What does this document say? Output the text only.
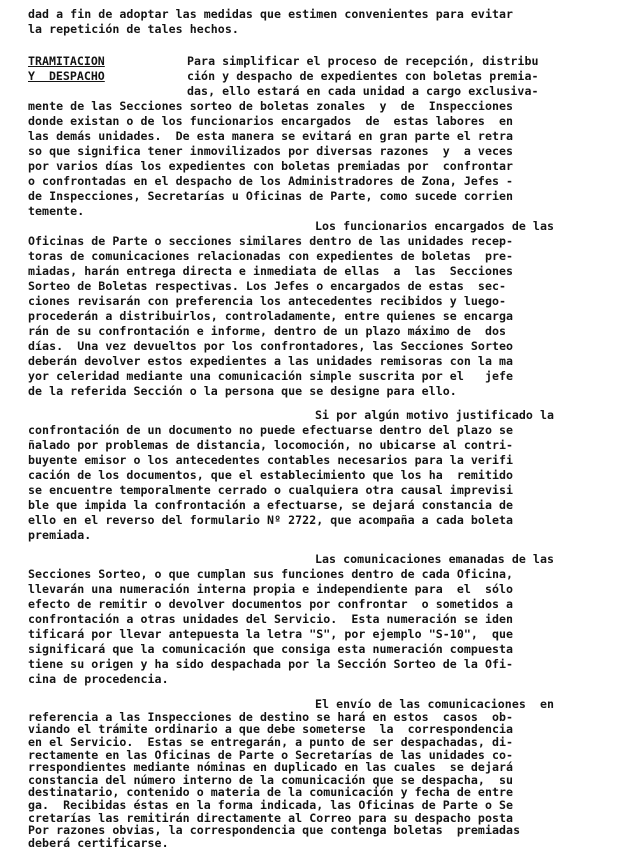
dad a fin de adoptar las medidas que estimen convenientes para evitar
la repetición de tales hechos.
TRAMITACION
Y  DESPACHO
Para simplificar el proceso de recepción, distribu
ción y despacho de expedientes con boletas premia-
das, ello estará en cada unidad a cargo exclusiva-
mente de las Secciones sorteo de boletas zonales  y  de  Inspecciones
donde existan o de los funcionarios encargados  de  estas labores  en
las demás unidades.  De esta manera se evitará en gran parte el retra
so que significa tener inmovilizados por diversas razones  y  a veces
por varios días los expedientes con boletas premiadas por  confrontar
o confrontadas en el despacho de los Administradores de Zona, Jefes -
de Inspecciones, Secretarías u Oficinas de Parte, como sucede corrien
temente.
Los funcionarios encargados de las
Oficinas de Parte o secciones similares dentro de las unidades recep-
toras de comunicaciones relacionadas con expedientes de boletas  pre-
miadas, harán entrega directa e inmediata de ellas  a  las  Secciones
Sorteo de Boletas respectivas. Los Jefes o encargados de estas  sec-
ciones revisarán con preferencia los antecedentes recibidos y luego-
procederán a distribuirlos, controladamente, entre quienes se encarga
rán de su confrontación e informe, dentro de un plazo máximo de  dos
días.  Una vez devueltos por los confrontadores, las Secciones Sorteo
deberán devolver estos expedientes a las unidades remisoras con la ma
yor celeridad mediante una comunicación simple suscrita por el   jefe
de la referida Sección o la persona que se designe para ello.
Si por algún motivo justificado la
confrontación de un documento no puede efectuarse dentro del plazo se
ñalado por problemas de distancia, locomoción, no ubicarse al contri-
buyente emisor o los antecedentes contables necesarios para la verifi
cación de los documentos, que el establecimiento que los ha  remitido
se encuentre temporalmente cerrado o cualquiera otra causal imprevisi
ble que impida la confrontación a efectuarse, se dejará constancia de
ello en el reverso del formulario Nº 2722, que acompaña a cada boleta
premiada.
Las comunicaciones emanadas de las
Secciones Sorteo, o que cumplan sus funciones dentro de cada Oficina,
llevarán una numeración interna propia e independiente para  el  sólo
efecto de remitir o devolver documentos por confrontar  o sometidos a
confrontación a otras unidades del Servicio.  Esta numeración se iden
tificará por llevar antepuesta la letra "S", por ejemplo "S-10",  que
significará que la comunicación que consiga esta numeración compuesta
tiene su origen y ha sido despachada por la Sección Sorteo de la Ofi-
cina de procedencia.
El envío de las comunicaciones  en
referencia a las Inspecciones de destino se hará en estos  casos  ob-
viando el trámite ordinario a que debe someterse  la  correspondencia
en el Servicio.  Estas se entregarán, a punto de ser despachadas, di-
rectamente en las Oficinas de Parte o Secretarías de las unidades co-
rrespondientes mediante nóminas en duplicado en las cuales  se dejará
constancia del número interno de la comunicación que se despacha,  su
destinatario, contenido o materia de la comunicación y fecha de entre
ga.  Recibidas éstas en la forma indicada, las Oficinas de Parte o Se
cretarías las remitirán directamente al Correo para su despacho posta
Por razones obvias, la correspondencia que contenga boletas  premiadas
deberá certificarse.
